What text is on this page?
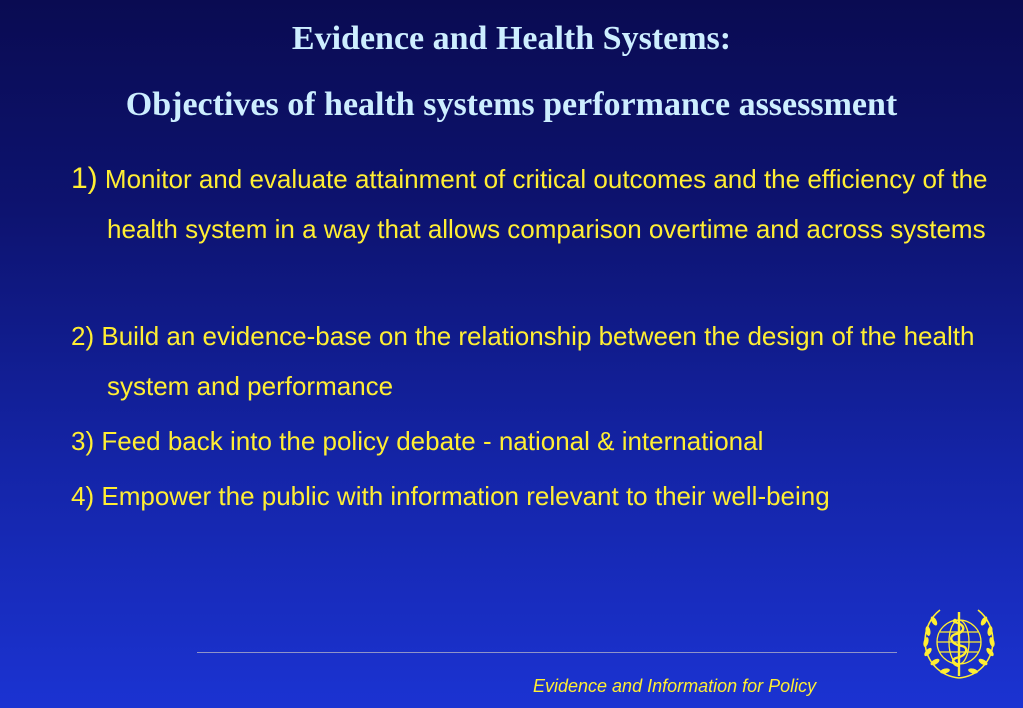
Evidence and Health Systems:
Objectives of health systems performance assessment
1) Monitor and evaluate attainment of critical outcomes and the efficiency of the health system in a way that allows comparison overtime and across systems
2) Build an evidence-base on the relationship between the design of the health system and performance
3) Feed back into the policy debate - national & international
4) Empower the public with information relevant to their well-being
Evidence and Information for Policy
